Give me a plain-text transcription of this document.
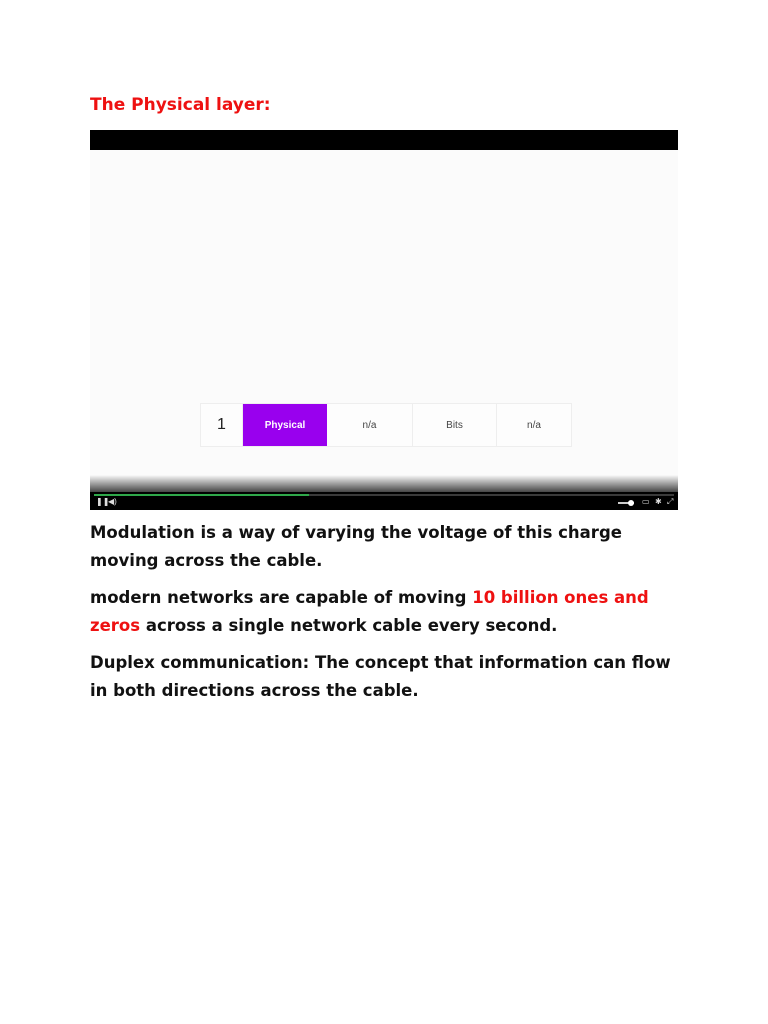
The Physical layer:
1	Physical	n/a	Bits	n/a
❚❚
◀)	▭ ✱ ⤢
Modulation is a way of varying the voltage of this charge moving across the cable.
modern networks are capable of moving 10 billion ones and zeros across a single network cable every second.
Duplex communication: The concept that information can flow in both directions across the cable.
